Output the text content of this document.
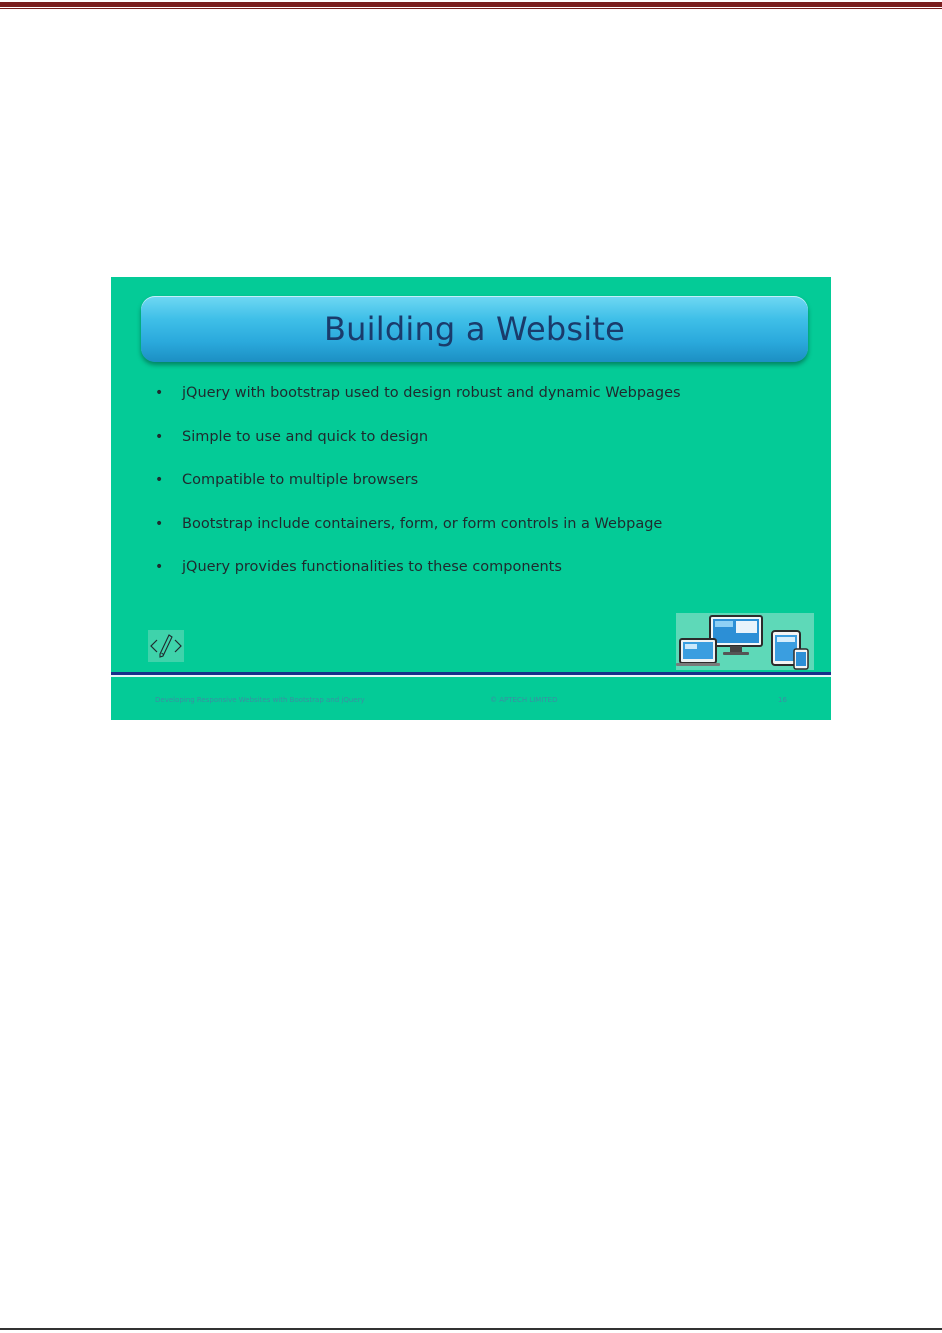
Building a Website
• jQuery with bootstrap used to design robust and dynamic Webpages
• Simple to use and quick to design
• Compatible to multiple browsers
• Bootstrap include containers, form, or form controls in a Webpage
• jQuery provides functionalities to these components
Developing Responsive Websites with Bootstrap and jQuery	© APTECH LIMITED	16
